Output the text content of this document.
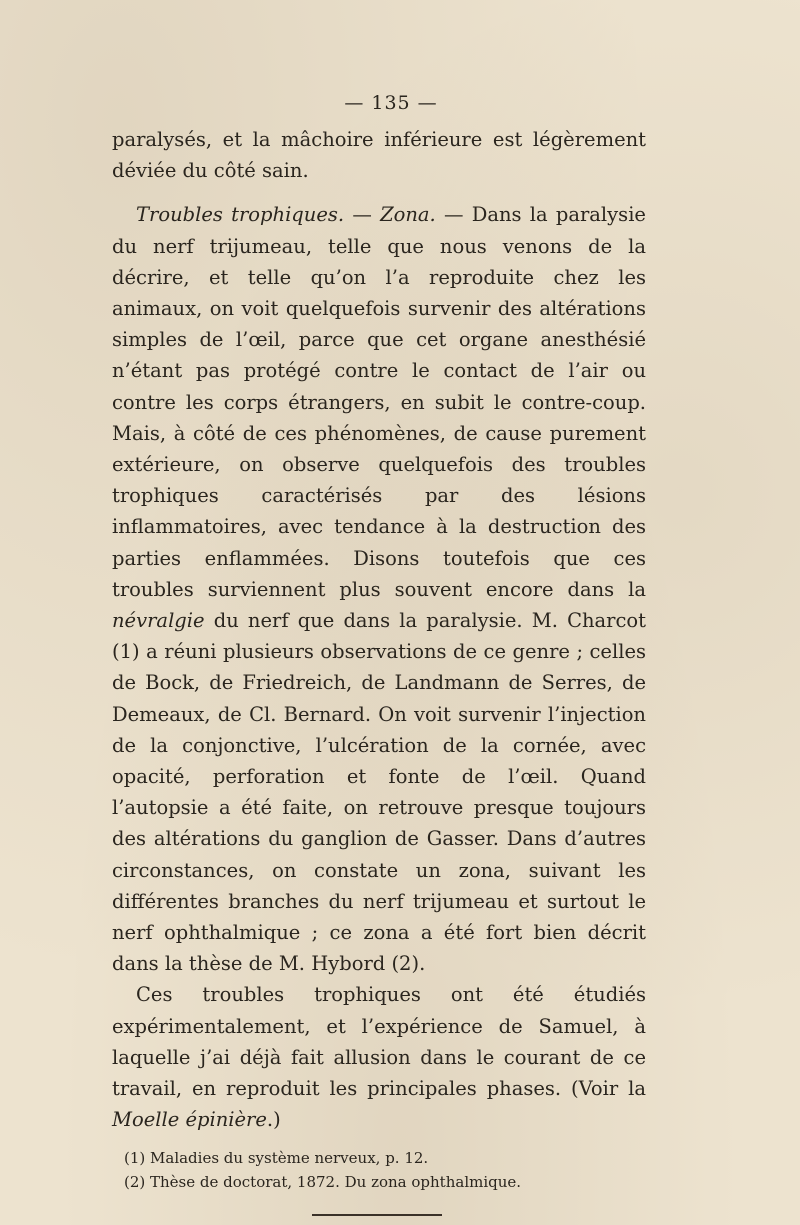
— 135 —

paralysés, et la mâchoire inférieure est légèrement déviée du côté sain.

Troubles trophiques. — Zona. — Dans la paralysie du nerf trijumeau, telle que nous venons de la décrire, et telle qu’on l’a reproduite chez les animaux, on voit quelquefois survenir des altérations simples de l’œil, parce que cet organe anesthésié n’étant pas protégé contre le contact de l’air ou contre les corps étrangers, en subit le contre-coup. Mais, à côté de ces phénomènes, de cause purement extérieure, on observe quelquefois des troubles trophiques caractérisés par des lésions inflammatoires, avec tendance à la destruction des parties enflammées. Disons toutefois que ces troubles surviennent plus souvent encore dans la névralgie du nerf que dans la paralysie. M. Charcot (1) a réuni plusieurs observations de ce genre ; celles de Bock, de Friedreich, de Landmann de Serres, de Demeaux, de Cl. Bernard. On voit survenir l’injection de la conjonctive, l’ulcération de la cornée, avec opacité, perforation et fonte de l’œil. Quand l’autopsie a été faite, on retrouve presque toujours des altérations du ganglion de Gasser. Dans d’autres circonstances, on constate un zona, suivant les différentes branches du nerf trijumeau et surtout le nerf ophthalmique ; ce zona a été fort bien décrit dans la thèse de M. Hybord (2).

Ces troubles trophiques ont été étudiés expérimentalement, et l’expérience de Samuel, à laquelle j’ai déjà fait allusion dans le courant de ce travail, en reproduit les principales phases. (Voir la Moelle épinière.)

(1) Maladies du système nerveux, p. 12.

(2) Thèse de doctorat, 1872. Du zona ophthalmique.
